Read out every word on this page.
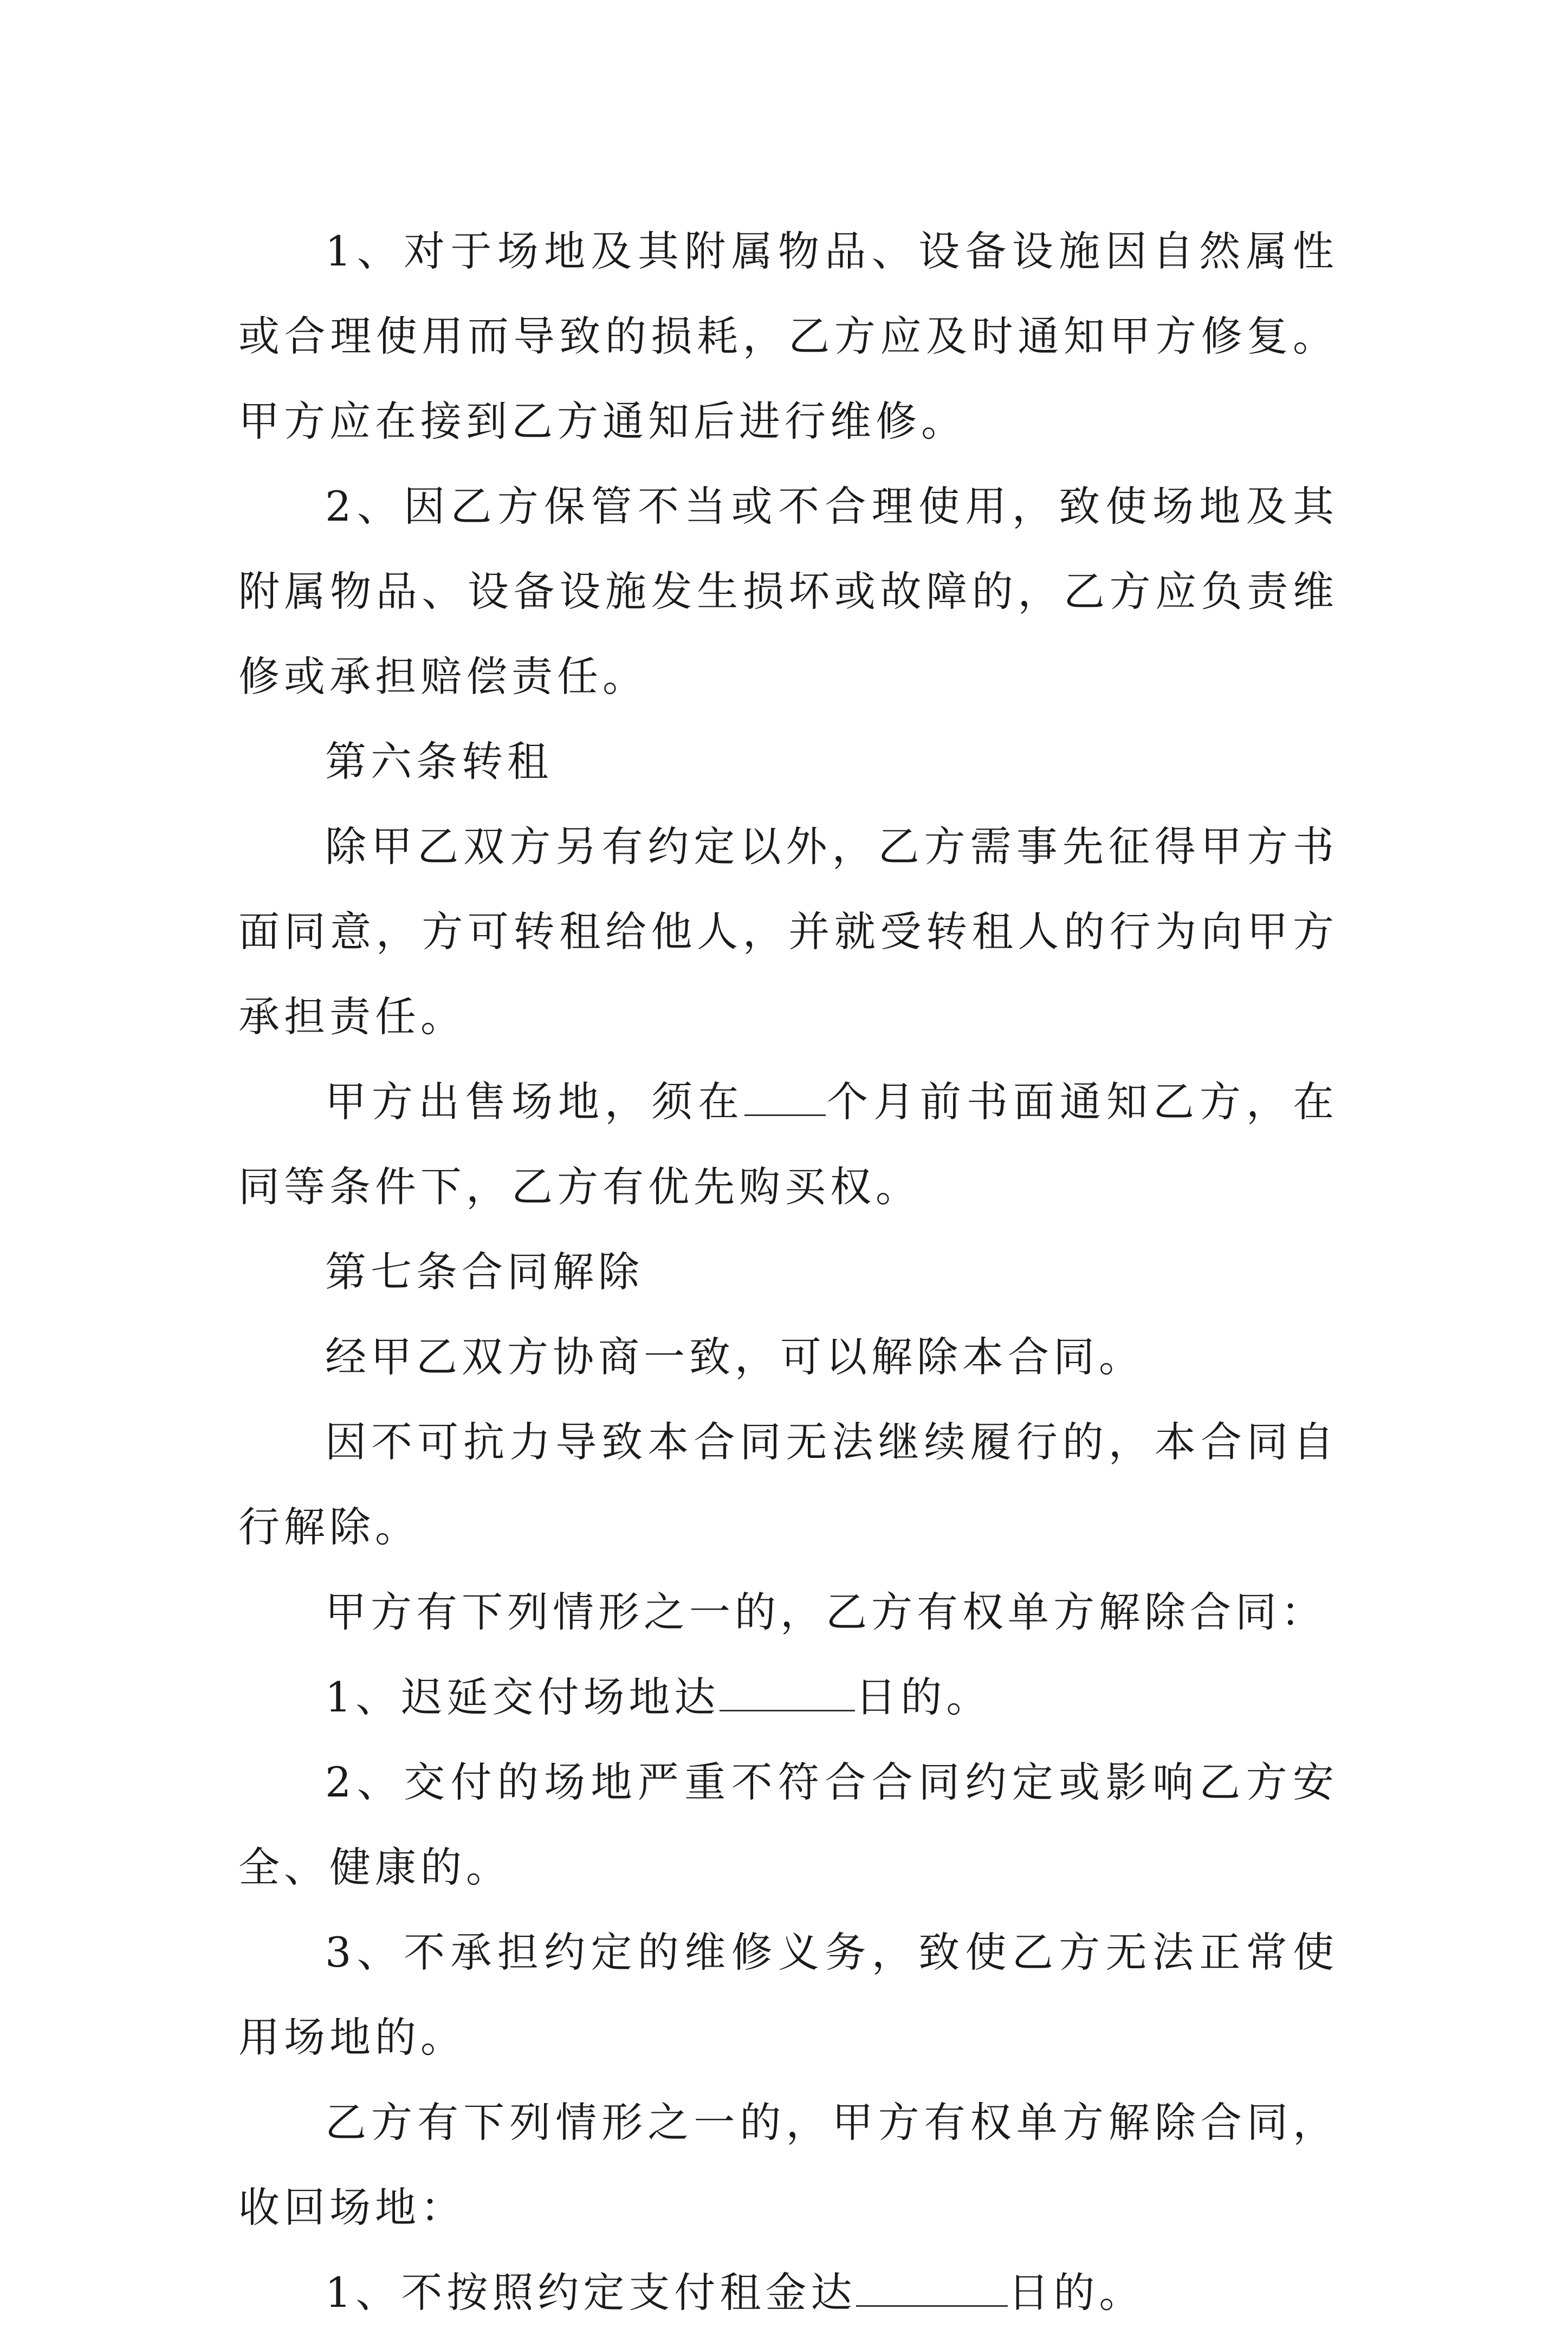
1、对于场地及其附属物品、设备设施因自然属性或合理使用而导致的损耗，乙方应及时通知甲方修复。甲方应在接到乙方通知后进行维修。

2、因乙方保管不当或不合理使用，致使场地及其附属物品、设备设施发生损坏或故障的，乙方应负责维修或承担赔偿责任。

第六条转租

除甲乙双方另有约定以外，乙方需事先征得甲方书面同意，方可转租给他人，并就受转租人的行为向甲方承担责任。

甲方出售场地，须在 个月前书面通知乙方，在同等条件下，乙方有优先购买权。

第七条合同解除

经甲乙双方协商一致，可以解除本合同。

因不可抗力导致本合同无法继续履行的，本合同自行解除。

甲方有下列情形之一的，乙方有权单方解除合同：

1、迟延交付场地达	日的。

2、交付的场地严重不符合合同约定或影响乙方安全、健康的。

3、不承担约定的维修义务，致使乙方无法正常使用场地的。

乙方有下列情形之一的，甲方有权单方解除合同，收回场地：

1、不按照约定支付租金达	日的。
